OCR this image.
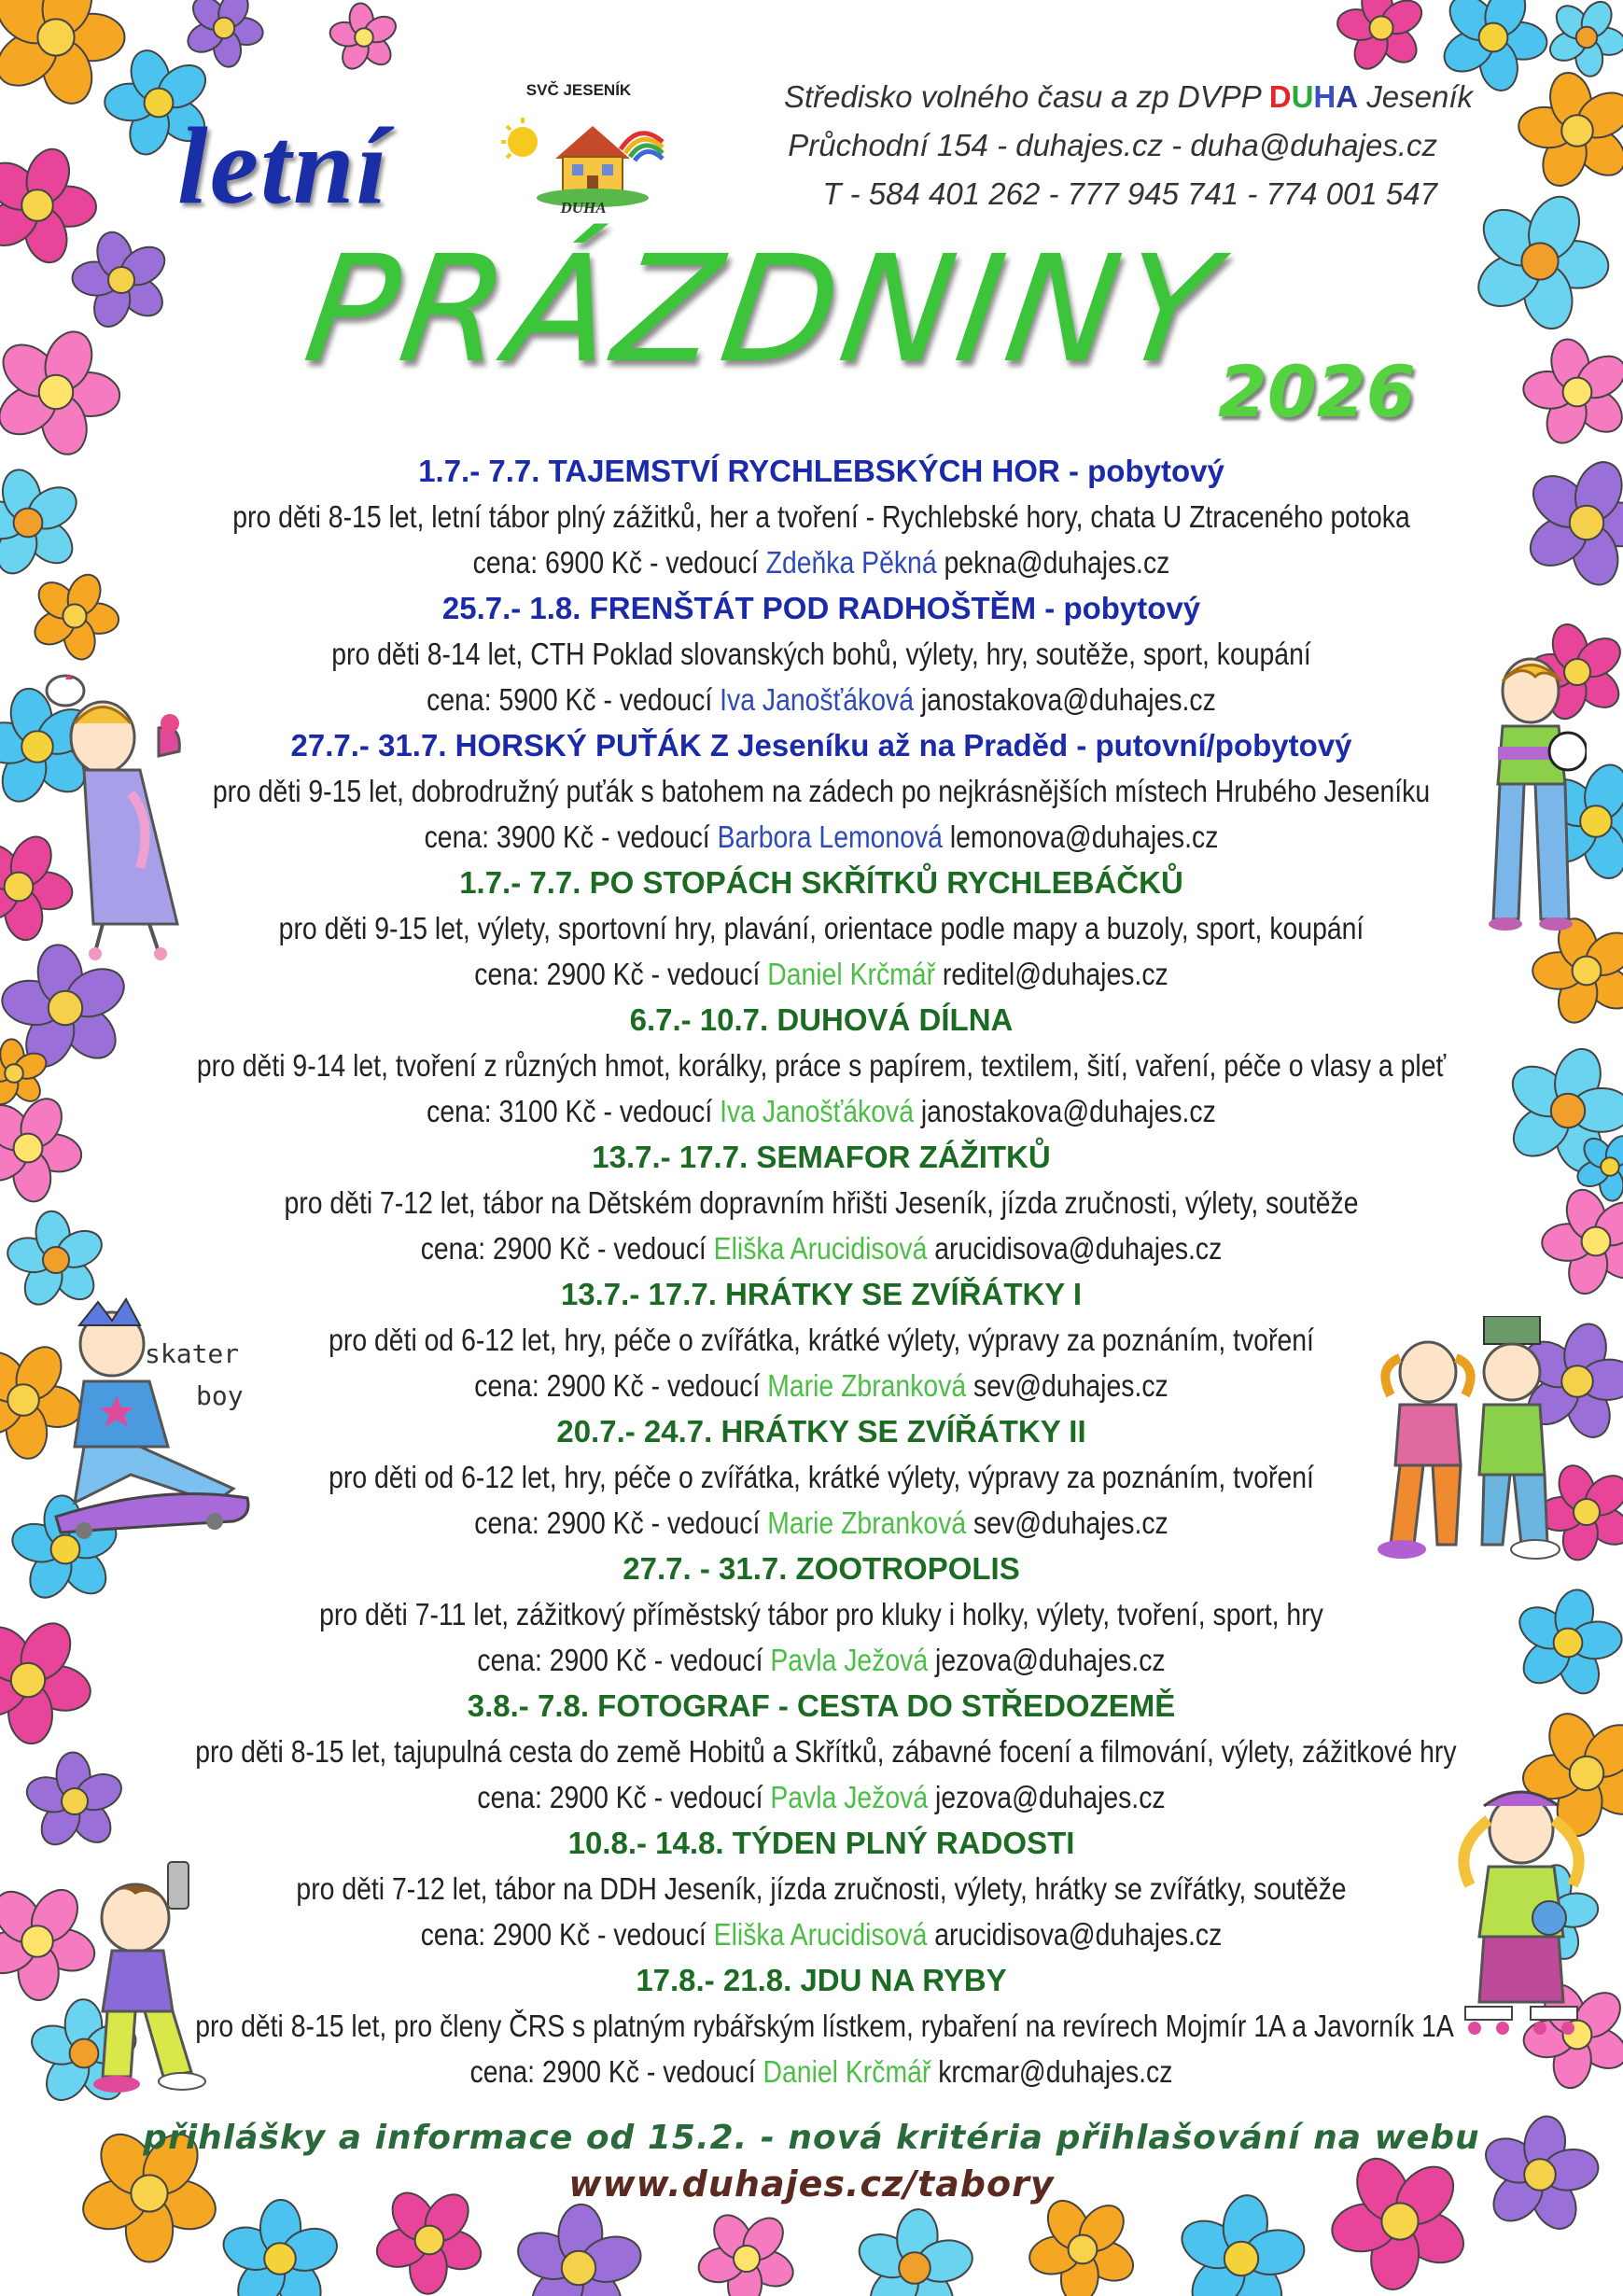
SVČ JESENÍK
DUHA
letní
Středisko volného času a zp DVPP DUHA Jeseník
Průchodní 154 - duhajes.cz - duha@duhajes.cz
T - 584 401 262 - 777 945 741 - 774 001 547
PRÁZDNINY
2026
1.7.- 7.7. TAJEMSTVÍ RYCHLEBSKÝCH HOR - pobytový
pro děti 8-15 let, letní tábor plný zážitků, her a tvoření - Rychlebské hory, chata U Ztraceného potoka
cena: 6900 Kč - vedoucí Zdeňka Pěkná pekna@duhajes.cz
25.7.- 1.8. FRENŠTÁT POD RADHOŠTĚM - pobytový
pro děti 8-14 let, CTH Poklad slovanských bohů, výlety, hry, soutěže, sport, koupání
cena: 5900 Kč - vedoucí Iva Janošťáková janostakova@duhajes.cz
27.7.- 31.7. HORSKÝ PUŤÁK Z Jeseníku až na Praděd - putovní/pobytový
pro děti 9-15 let, dobrodružný puťák s batohem na zádech po nejkrásnějších místech Hrubého Jeseníku
cena: 3900 Kč - vedoucí Barbora Lemonová lemonova@duhajes.cz
1.7.- 7.7. PO STOPÁCH SKŘÍTKŮ RYCHLEBÁČKŮ
pro děti 9-15 let, výlety, sportovní hry, plavání, orientace podle mapy a buzoly, sport, koupání
cena: 2900 Kč - vedoucí Daniel Krčmář reditel@duhajes.cz
6.7.- 10.7. DUHOVÁ DÍLNA
pro děti 9-14 let, tvoření z různých hmot, korálky, práce s papírem, textilem, šití, vaření, péče o vlasy a pleť
cena: 3100 Kč - vedoucí Iva Janošťáková janostakova@duhajes.cz
13.7.- 17.7. SEMAFOR ZÁŽITKŮ
pro děti 7-12 let, tábor na Dětském dopravním hřišti Jeseník, jízda zručnosti, výlety, soutěže
cena: 2900 Kč - vedoucí Eliška Arucidisová arucidisova@duhajes.cz
13.7.- 17.7. HRÁTKY SE ZVÍŘÁTKY I
pro děti od 6-12 let, hry, péče o zvířátka, krátké výlety, výpravy za poznáním, tvoření
cena: 2900 Kč - vedoucí Marie Zbranková sev@duhajes.cz
20.7.- 24.7. HRÁTKY SE ZVÍŘÁTKY II
pro děti od 6-12 let, hry, péče o zvířátka, krátké výlety, výpravy za poznáním, tvoření
cena: 2900 Kč - vedoucí Marie Zbranková sev@duhajes.cz
27.7. - 31.7. ZOOTROPOLIS
pro děti 7-11 let, zážitkový příměstský tábor pro kluky i holky, výlety, tvoření, sport, hry
cena: 2900 Kč - vedoucí Pavla Ježová jezova@duhajes.cz
3.8.- 7.8. FOTOGRAF - CESTA DO STŘEDOZEMĚ
pro děti 8-15 let, tajupulná cesta do země Hobitů a Skřítků, zábavné focení a filmování, výlety, zážitkové hry
cena: 2900 Kč - vedoucí Pavla Ježová jezova@duhajes.cz
10.8.- 14.8. TÝDEN PLNÝ RADOSTI
pro děti 7-12 let, tábor na DDH Jeseník, jízda zručnosti, výlety, hrátky se zvířátky, soutěže
cena: 2900 Kč - vedoucí Eliška Arucidisová arucidisova@duhajes.cz
17.8.- 21.8. JDU NA RYBY
pro děti 8-15 let, pro členy ČRS s platným rybářským lístkem, rybaření na revírech Mojmír 1A a Javorník 1A
cena: 2900 Kč - vedoucí Daniel Krčmář krcmar@duhajes.cz
skater
boy
přihlášky a informace od 15.2. - nová kritéria přihlašování na webu
www.duhajes.cz/tabory
